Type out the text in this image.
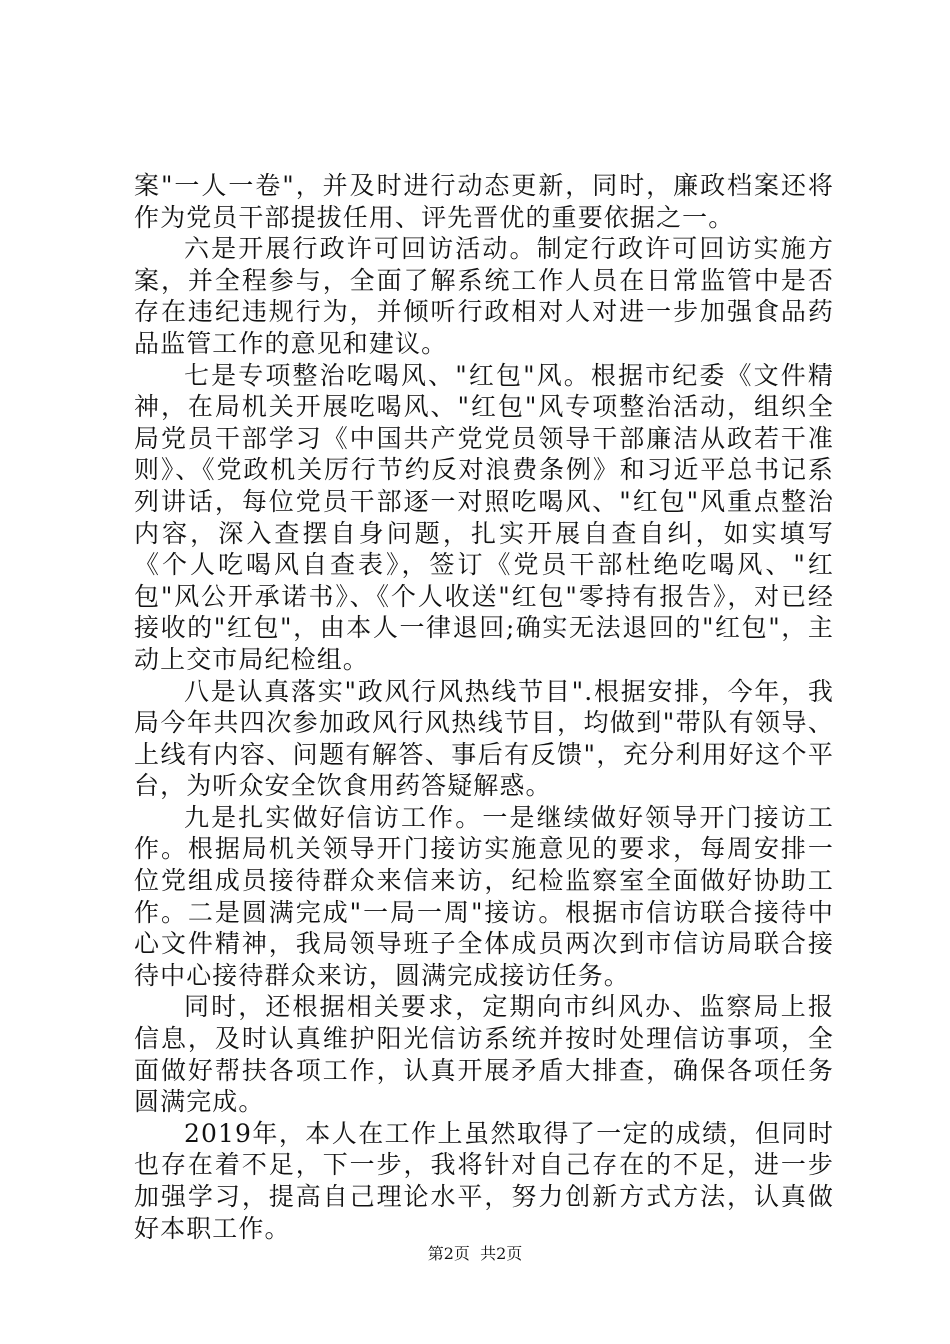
案"一人一卷"，并及时进行动态更新，同时，廉政档案还将作为党员干部提拔任用、评先晋优的重要依据之一。

六是开展行政许可回访活动。制定行政许可回访实施方案，并全程参与，全面了解系统工作人员在日常监管中是否存在违纪违规行为，并倾听行政相对人对进一步加强食品药品监管工作的意见和建议。

七是专项整治吃喝风、"红包"风。根据市纪委《文件精神，在局机关开展吃喝风、"红包"风专项整治活动，组织全局党员干部学习《中国共产党党员领导干部廉洁从政若干准则》、《党政机关厉行节约反对浪费条例》和习近平总书记系列讲话，每位党员干部逐一对照吃喝风、"红包"风重点整治内容，深入查摆自身问题，扎实开展自查自纠，如实填写《个人吃喝风自查表》，签订《党员干部杜绝吃喝风、"红包"风公开承诺书》、《个人收送"红包"零持有报告》，对已经接收的"红包"，由本人一律退回;确实无法退回的"红包"，主动上交市局纪检组。

八是认真落实"政风行风热线节目".根据安排，今年，我局今年共四次参加政风行风热线节目，均做到"带队有领导、上线有内容、问题有解答、事后有反馈"，充分利用好这个平台，为听众安全饮食用药答疑解惑。

九是扎实做好信访工作。一是继续做好领导开门接访工作。根据局机关领导开门接访实施意见的要求，每周安排一位党组成员接待群众来信来访，纪检监察室全面做好协助工作。二是圆满完成"一局一周"接访。根据市信访联合接待中心文件精神，我局领导班子全体成员两次到市信访局联合接待中心接待群众来访，圆满完成接访任务。

同时，还根据相关要求，定期向市纠风办、监察局上报信息，及时认真维护阳光信访系统并按时处理信访事项，全面做好帮扶各项工作，认真开展矛盾大排查，确保各项任务圆满完成。

2019年，本人在工作上虽然取得了一定的成绩，但同时也存在着不足，下一步，我将针对自己存在的不足，进一步加强学习，提高自己理论水平，努力创新方式方法，认真做好本职工作。

第2页 共2页
